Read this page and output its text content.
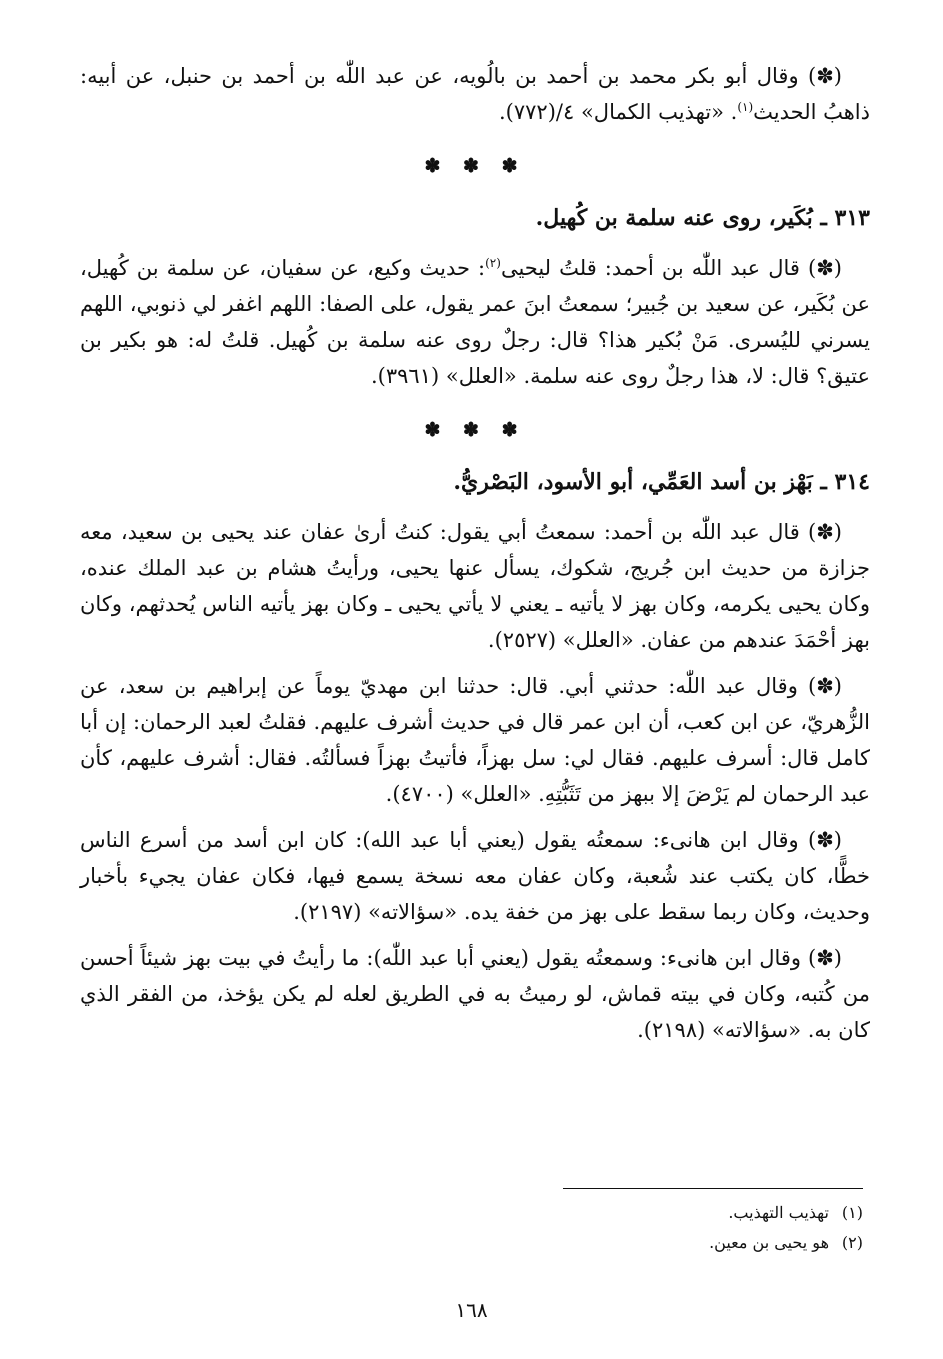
(✽) وقال أبو بكر محمد بن أحمد بن بالُويه، عن عبد اللّٰه بن أحمد بن حنبل، عن أبيه: ذاهبُ الحديث$^{(١)}$. «تهذيب الكمال» ٤/(٧٧٢).

✽ ✽ ✽

٣١٣ ـ بُكَير، روى عنه سلمة بن كُهيل.

(✽) قال عبد اللّٰه بن أحمد: قلتُ ليحيى$^{(٢)}$: حديث وكيع، عن سفيان، عن سلمة بن كُهيل، عن بُكَير، عن سعيد بن جُبير؛ سمعتُ ابنَ عمر يقول، على الصفا: اللهم اغفر لي ذنوبي، اللهم يسرني لليُسرى. مَنْ بُكير هذا؟ قال: رجلٌ روى عنه سلمة بن كُهيل. قلتُ له: هو بكير بن عتيق؟ قال: لا، هذا رجلٌ روى عنه سلمة. «العلل» (٣٩٦١).

✽ ✽ ✽

٣١٤ ـ بَهْز بن أسد العَمِّي، أبو الأسود، البَصْريُّ.

(✽) قال عبد اللّٰه بن أحمد: سمعتُ أبي يقول: كنتُ أرىٰ عفان عند يحيى بن سعيد، معه جزازة من حديث ابن جُريج، شكوك، يسأل عنها يحيى، ورأيتُ هشام بن عبد الملك عنده، وكان يحيى يكرمه، وكان بهز لا يأتيه ـ يعني لا يأتي يحيى ـ وكان بهز يأتيه الناس يُحدثهم، وكان بهز أحْمَدَ عندهم من عفان. «العلل» (٢٥٢٧).

(✽) وقال عبد اللّٰه: حدثني أبي. قال: حدثنا ابن مهديّ يوماً عن إبراهيم بن سعد، عن الزُّهريّ، عن ابن كعب، أن ابن عمر قال في حديث أشرف عليهم. فقلتُ لعبد الرحمان: إن أبا كامل قال: أسرف عليهم. فقال لي: سل بهزاً، فأتيتُ بهزاً فسألتُه. فقال: أشرف عليهم، كأن عبد الرحمان لم يَرْضَ إلا ببهز من تَثَبُّتِهِ. «العلل» (٤٧٠٠).

(✽) وقال ابن هانىء: سمعتُه يقول (يعني أبا عبد الله): كان ابن أسد من أسرع الناس خطًّا، كان يكتب عند شُعبة، وكان عفان معه نسخة يسمع فيها، فكان عفان يجيء بأخبار وحديث، وكان ربما سقط على بهز من خفة يده. «سؤالاته» (٢١٩٧).

(✽) وقال ابن هانىء: وسمعتُه يقول (يعني أبا عبد اللّٰه): ما رأيتُ في بيت بهز شيئاً أحسن من كُتبه، وكان في بيته قماش، لو رميتُ به في الطريق لعله لم يكن يؤخذ، من الفقر الذي كان به. «سؤالاته» (٢١٩٨).

(١)تهذيب التهذيب.

(٢)هو يحيى بن معين.

١٦٨
